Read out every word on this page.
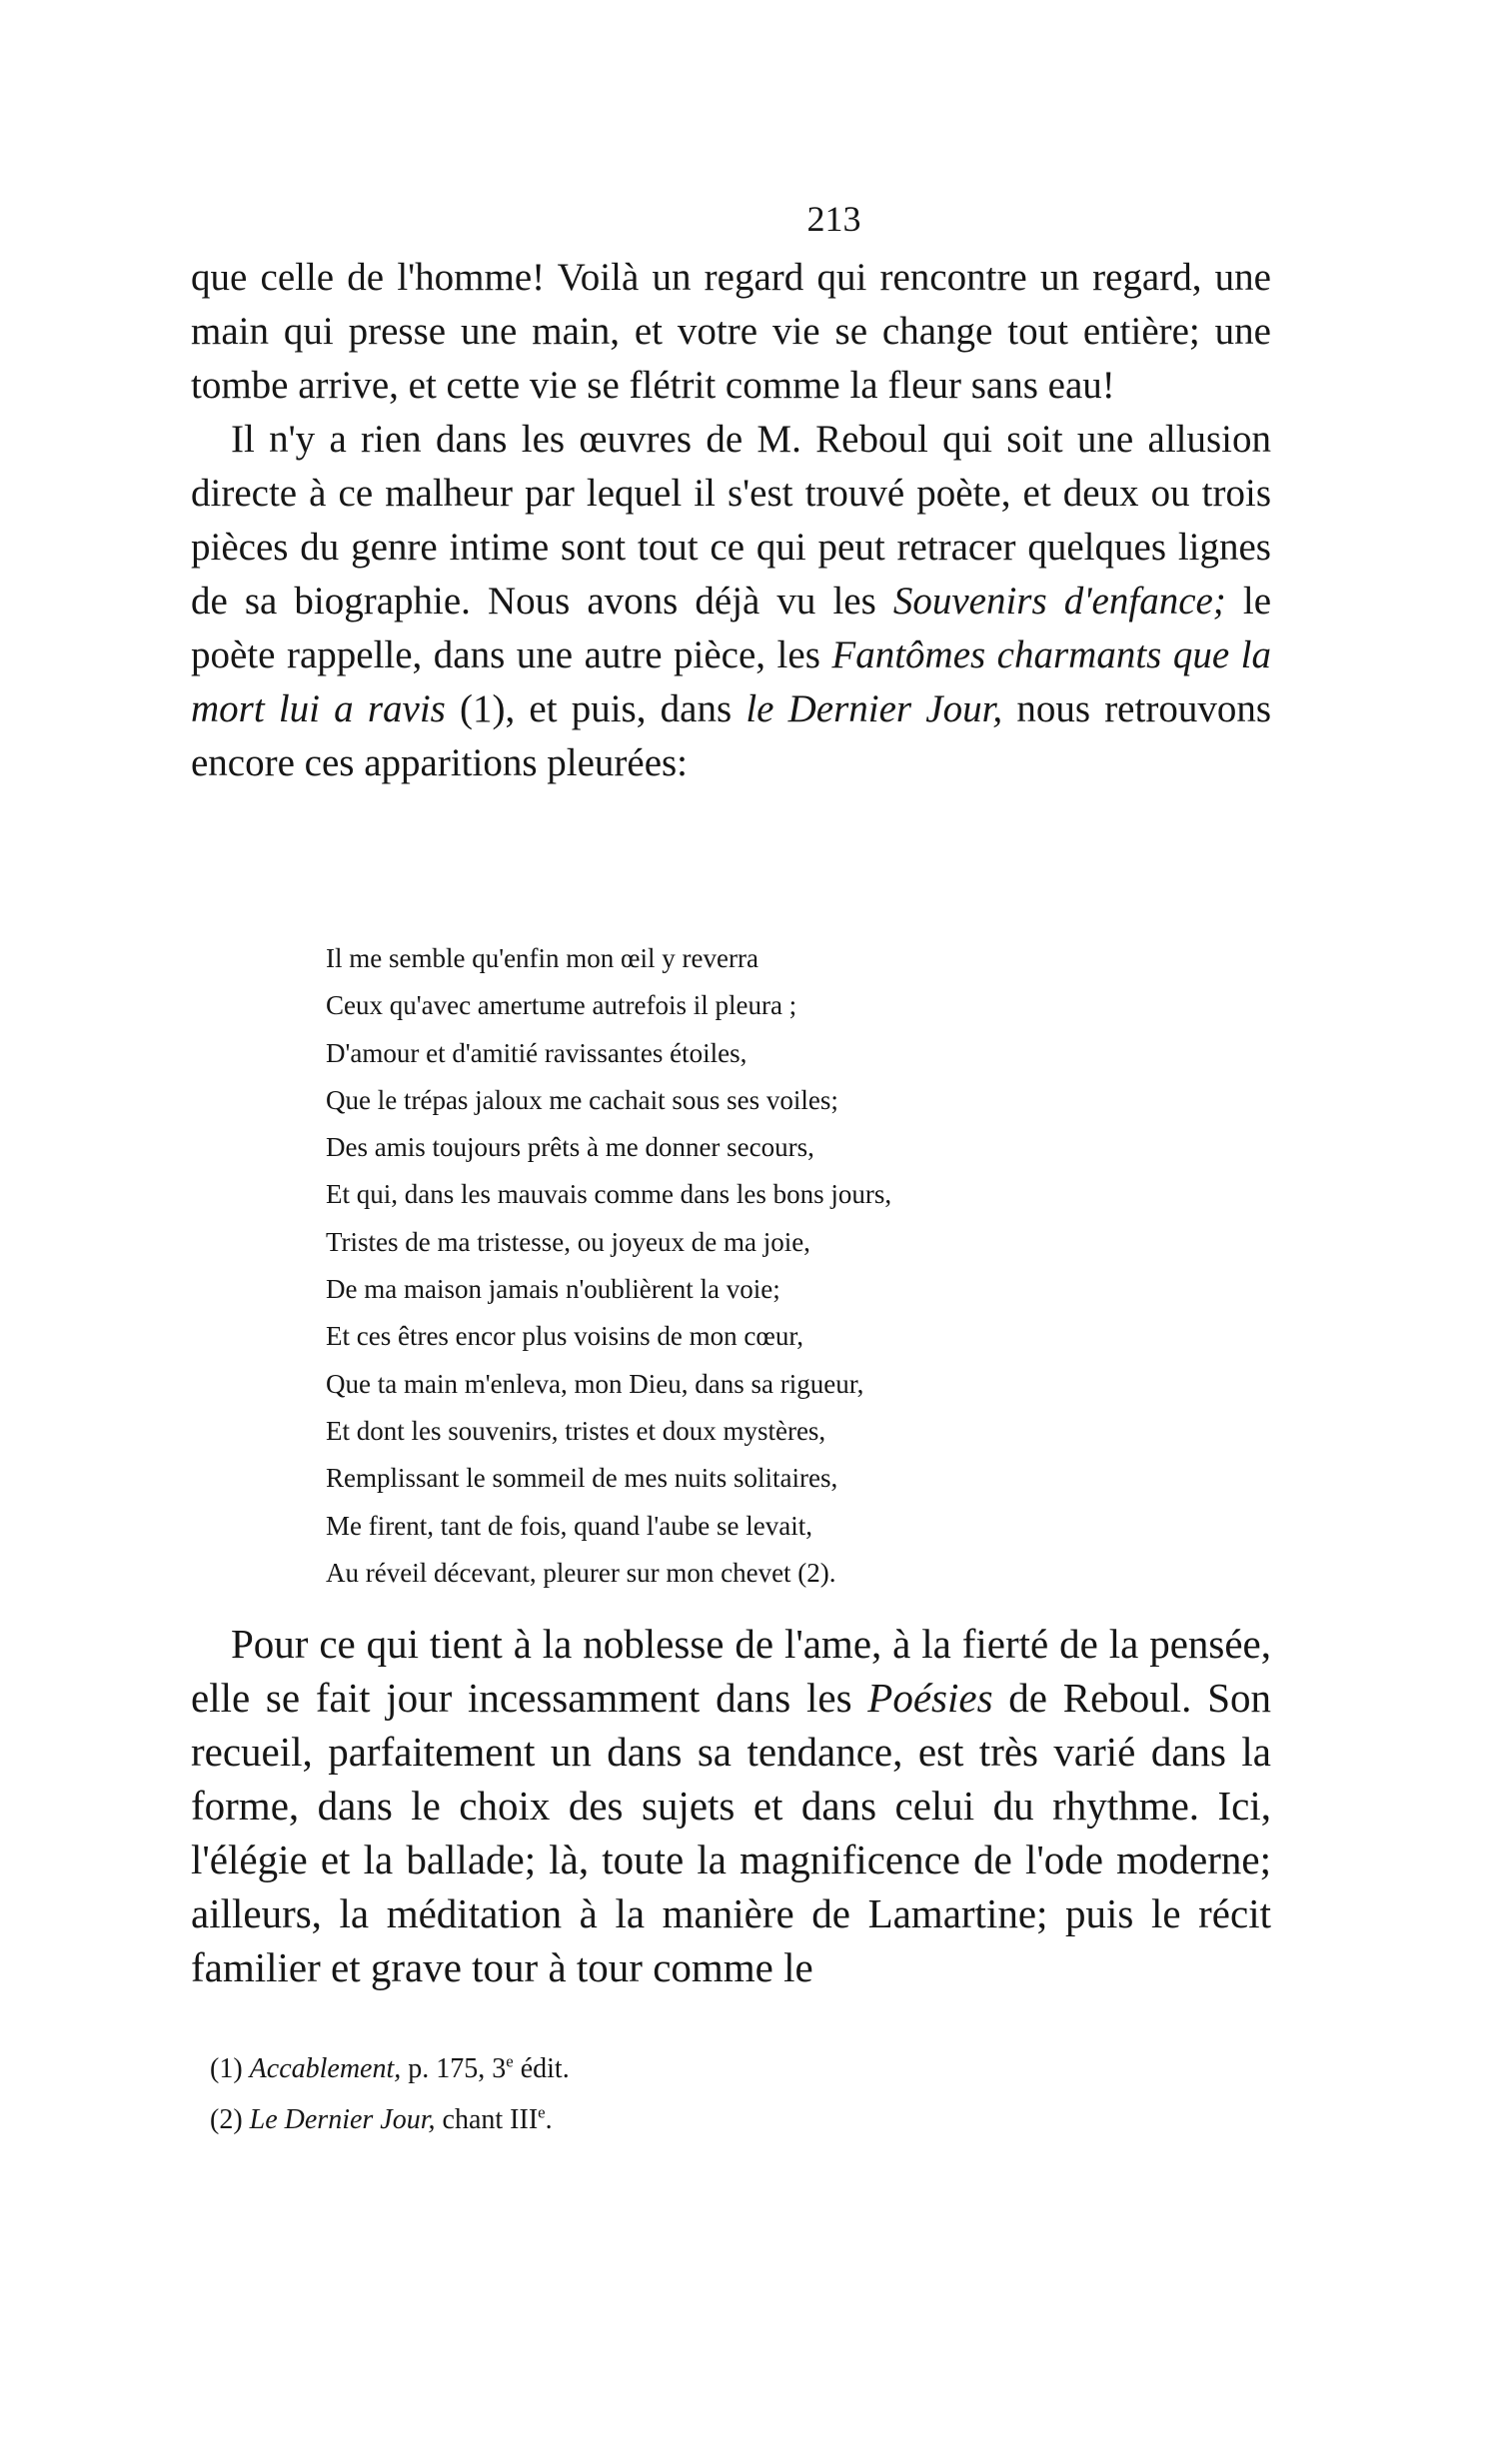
213

que celle de l'homme! Voilà un regard qui rencontre un regard, une main qui presse une main, et votre vie se change tout entière; une tombe arrive, et cette vie se flétrit comme la fleur sans eau!

Il n'y a rien dans les œuvres de M. Reboul qui soit une allusion directe à ce malheur par lequel il s'est trouvé poète, et deux ou trois pièces du genre intime sont tout ce qui peut retracer quelques lignes de sa biographie. Nous avons déjà vu les Souvenirs d'enfance; le poète rappelle, dans une autre pièce, les Fantômes charmants que la mort lui a ravis (1), et puis, dans le Dernier Jour, nous retrouvons encore ces apparitions pleurées:

Il me semble qu'enfin mon œil y reverra
Ceux qu'avec amertume autrefois il pleura ;
D'amour et d'amitié ravissantes étoiles,
Que le trépas jaloux me cachait sous ses voiles;
Des amis toujours prêts à me donner secours,
Et qui, dans les mauvais comme dans les bons jours,
Tristes de ma tristesse, ou joyeux de ma joie,
De ma maison jamais n'oublièrent la voie;
Et ces êtres encor plus voisins de mon cœur,
Que ta main m'enleva, mon Dieu, dans sa rigueur,
Et dont les souvenirs, tristes et doux mystères,
Remplissant le sommeil de mes nuits solitaires,
Me firent, tant de fois, quand l'aube se levait,
Au réveil décevant, pleurer sur mon chevet (2).

Pour ce qui tient à la noblesse de l'ame, à la fierté de la pensée, elle se fait jour incessamment dans les Poésies de Reboul. Son recueil, parfaitement un dans sa tendance, est très varié dans la forme, dans le choix des sujets et dans celui du rhythme. Ici, l'élégie et la ballade; là, toute la magnificence de l'ode moderne; ailleurs, la méditation à la manière de Lamartine; puis le récit familier et grave tour à tour comme le

(1) Accablement, p. 175, 3e édit.
(2) Le Dernier Jour, chant IIIe.
